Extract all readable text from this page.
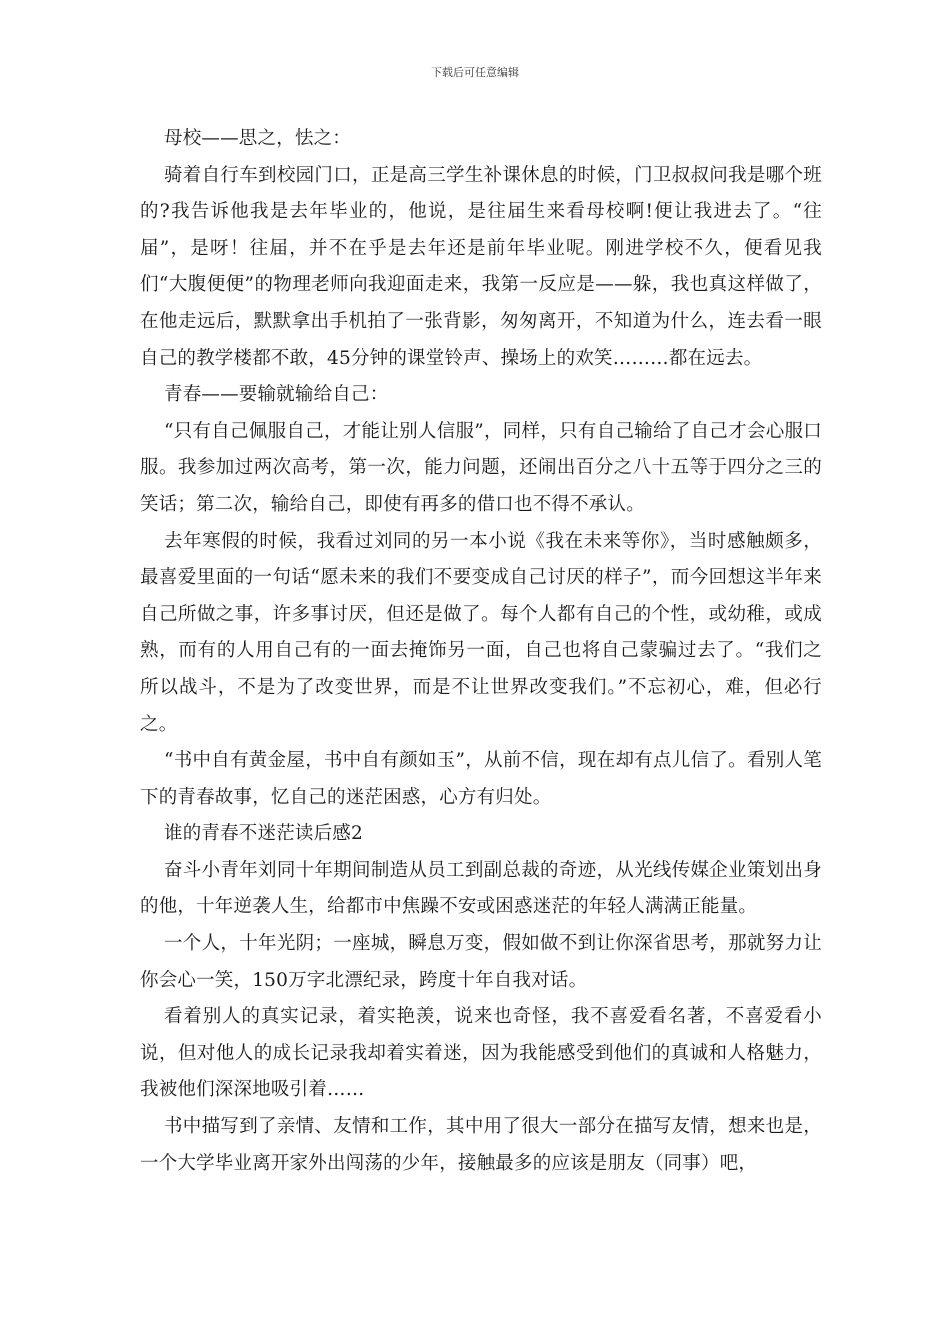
下载后可任意编辑

母校——思之，怯之：

骑着自行车到校园门口，正是高三学生补课休息的时候，门卫叔叔问我是哪个班的?我告诉他我是去年毕业的，他说，是往届生来看母校啊!便让我进去了。“往届”，是呀！往届，并不在乎是去年还是前年毕业呢。刚进学校不久，便看见我们“大腹便便”的物理老师向我迎面走来，我第一反应是——躲，我也真这样做了，在他走远后，默默拿出手机拍了一张背影，匆匆离开，不知道为什么，连去看一眼自己的教学楼都不敢，45分钟的课堂铃声、操场上的欢笑………都在远去。

青春——要输就输给自己：

“只有自己佩服自己，才能让别人信服”，同样，只有自己输给了自己才会心服口服。我参加过两次高考，第一次，能力问题，还闹出百分之八十五等于四分之三的笑话；第二次，输给自己，即使有再多的借口也不得不承认。

去年寒假的时候，我看过刘同的另一本小说《我在未来等你》，当时感触颇多，最喜爱里面的一句话“愿未来的我们不要变成自己讨厌的样子”，而今回想这半年来自己所做之事，许多事讨厌，但还是做了。每个人都有自己的个性，或幼稚，或成熟，而有的人用自己有的一面去掩饰另一面，自己也将自己蒙骗过去了。“我们之所以战斗，不是为了改变世界，而是不让世界改变我们。”不忘初心，难，但必行之。

“书中自有黄金屋，书中自有颜如玉”，从前不信，现在却有点儿信了。看别人笔下的青春故事，忆自己的迷茫困惑，心方有归处。

谁的青春不迷茫读后感2

奋斗小青年刘同十年期间制造从员工到副总裁的奇迹，从光线传媒企业策划出身的他，十年逆袭人生，给都市中焦躁不安或困惑迷茫的年轻人满满正能量。

一个人，十年光阴；一座城，瞬息万变，假如做不到让你深省思考，那就努力让你会心一笑，150万字北漂纪录，跨度十年自我对话。

看着别人的真实记录，着实艳羡，说来也奇怪，我不喜爱看名著，不喜爱看小说，但对他人的成长记录我却着实着迷，因为我能感受到他们的真诚和人格魅力，我被他们深深地吸引着……

书中描写到了亲情、友情和工作，其中用了很大一部分在描写友情，想来也是，一个大学毕业离开家外出闯荡的少年，接触最多的应该是朋友（同事）吧，
